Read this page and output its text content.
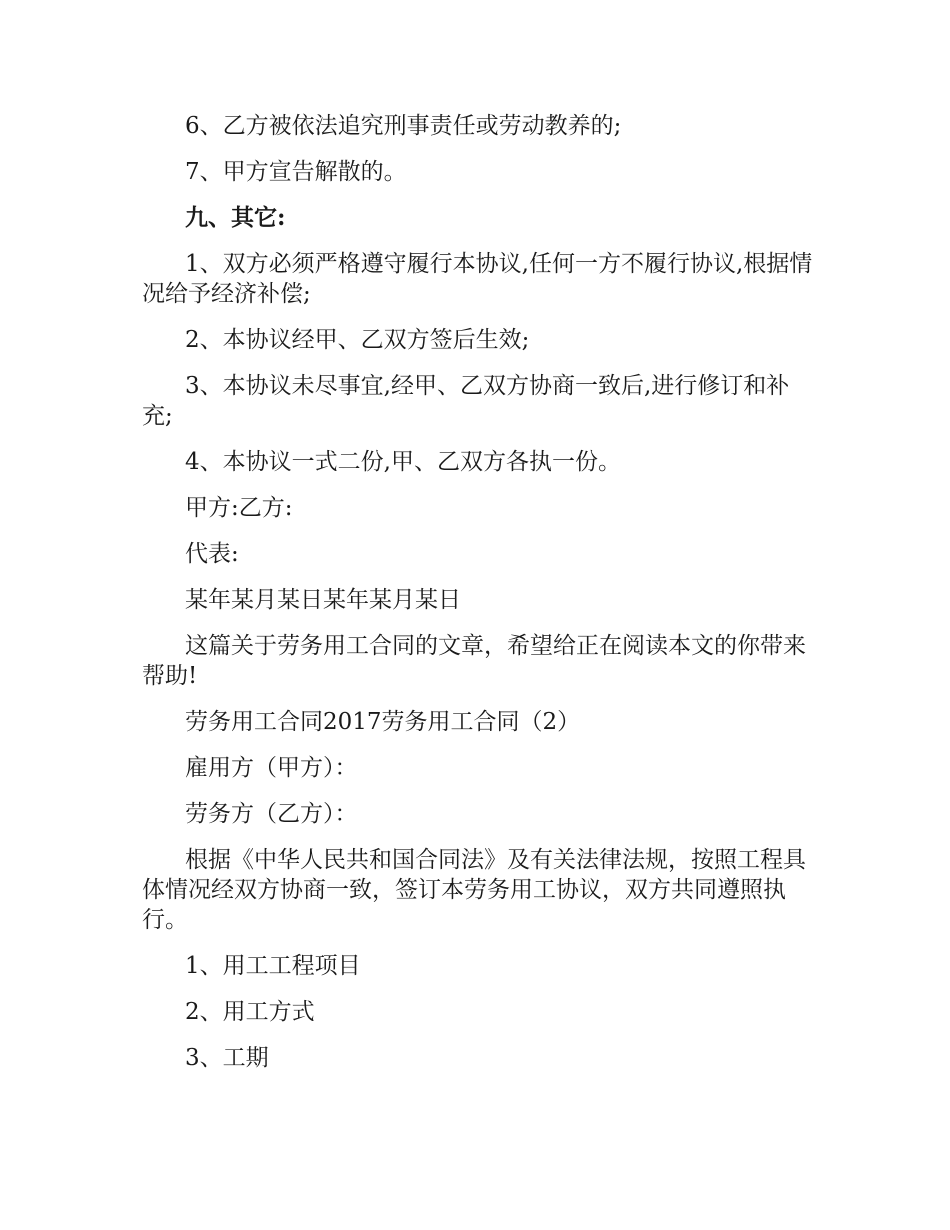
6、乙方被依法追究刑事责任或劳动教养的;

7、甲方宣告解散的。

九、其它:

1、双方必须严格遵守履行本协议,任何一方不履行协议,根据情况给予经济补偿;

2、本协议经甲、乙双方签后生效;

3、本协议未尽事宜,经甲、乙双方协商一致后,进行修订和补充;

4、本协议一式二份,甲、乙双方各执一份。

甲方:乙方:

代表:

某年某月某日某年某月某日

这篇关于劳务用工合同的文章，希望给正在阅读本文的你带来帮助!

劳务用工合同2017劳务用工合同（2）

雇用方（甲方）：

劳务方（乙方）：

根据《中华人民共和国合同法》及有关法律法规，按照工程具体情况经双方协商一致，签订本劳务用工协议，双方共同遵照执行。

1、用工工程项目

2、用工方式

3、工期
